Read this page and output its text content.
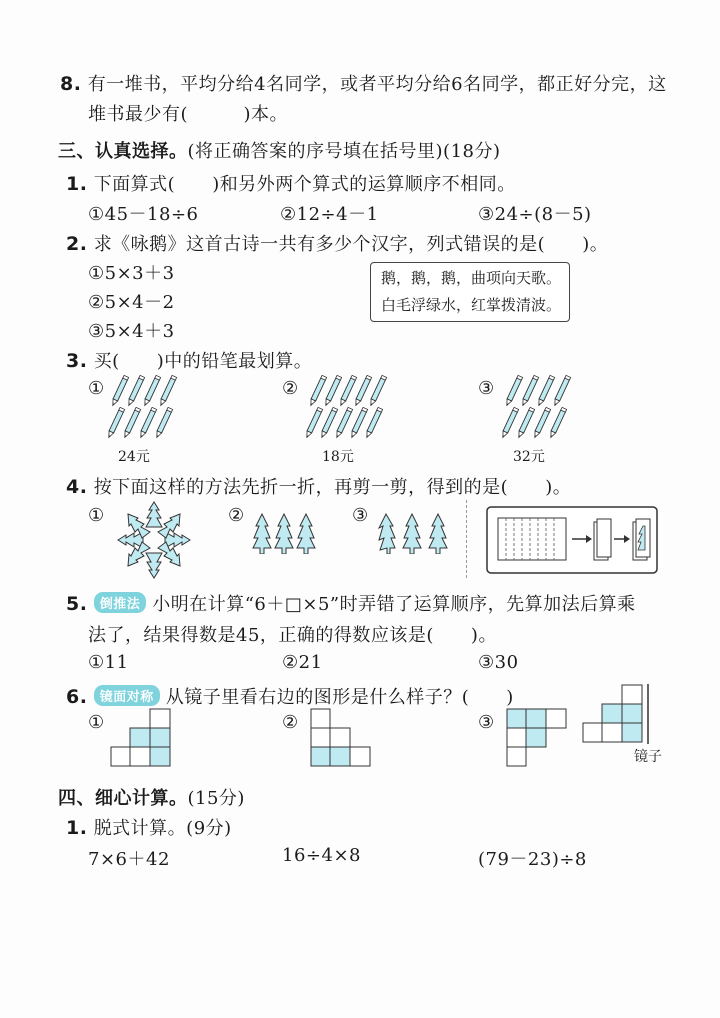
8. 有一堆书，平均分给4名同学，或者平均分给6名同学，都正好分完，这
堆书最少有(　　　)本。
三、认真选择。(将正确答案的序号填在括号里)(18分)
1. 下面算式(　　)和另外两个算式的运算顺序不相同。
①45－18÷6	②12÷4－1	③24÷(8－5)
2. 求《咏鹅》这首古诗一共有多少个汉字，列式错误的是(　　)。
①5×3＋3
②5×4－2
③5×4＋3
鹅，鹅，鹅，曲项向天歌。
白毛浮绿水，红掌拨清波。
3. 买(　　)中的铅笔最划算。
①	②	③
24元	18元	32元
4. 按下面这样的方法先折一折，再剪一剪，得到的是(　　)。
①	②	③
5. 倒推法 小明在计算“6＋□×5”时弄错了运算顺序，先算加法后算乘
法了，结果得数是45，正确的得数应该是(　　)。
①11	②21	③30
6. 镜面对称 从镜子里看右边的图形是什么样子？(　　)
①	②	③
镜子
四、细心计算。(15分)
1. 脱式计算。(9分)
7×6＋42	16÷4×8	(79－23)÷8
